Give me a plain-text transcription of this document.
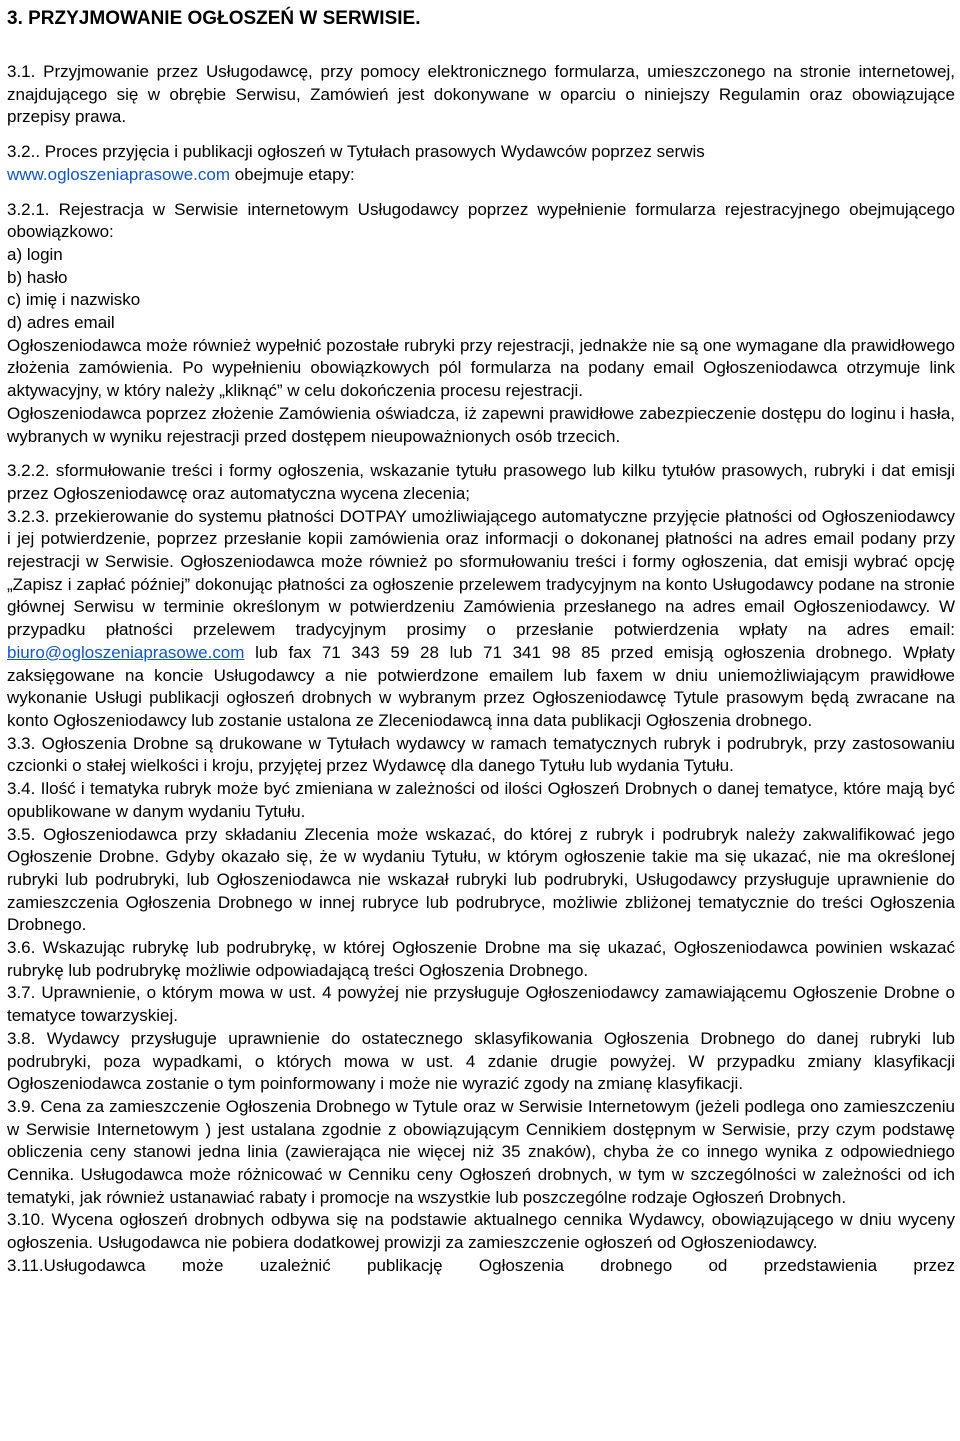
3. PRZYJMOWANIE OGŁOSZEŃ W SERWISIE.

3.1. Przyjmowanie przez Usługodawcę, przy pomocy elektronicznego formularza, umieszczonego na stronie internetowej, znajdującego się w obrębie Serwisu, Zamówień jest dokonywane w oparciu o niniejszy Regulamin oraz obowiązujące przepisy prawa.

3.2.. Proces przyjęcia i publikacji ogłoszeń w Tytułach prasowych Wydawców poprzez serwis
www.ogloszeniaprasowe.com obejmuje etapy:

3.2.1. Rejestracja w Serwisie internetowym Usługodawcy poprzez wypełnienie formularza rejestracyjnego obejmującego obowiązkowo:

a) login

b) hasło

c) imię i nazwisko

d) adres email

Ogłoszeniodawca może również wypełnić pozostałe rubryki przy rejestracji, jednakże nie są one wymagane dla prawidłowego złożenia zamówienia. Po wypełnieniu obowiązkowych pól formularza na podany email Ogłoszeniodawca otrzymuje link aktywacyjny, w który należy „kliknąć” w celu dokończenia procesu rejestracji.

Ogłoszeniodawca poprzez złożenie Zamówienia oświadcza, iż zapewni prawidłowe zabezpieczenie dostępu do loginu i hasła, wybranych w wyniku rejestracji przed dostępem nieupoważnionych osób trzecich.

3.2.2. sformułowanie treści i formy ogłoszenia, wskazanie tytułu prasowego lub kilku tytułów prasowych, rubryki i dat emisji przez Ogłoszeniodawcę oraz automatyczna wycena zlecenia;

3.2.3. przekierowanie do systemu płatności DOTPAY umożliwiającego automatyczne przyjęcie płatności od Ogłoszeniodawcy i jej potwierdzenie, poprzez przesłanie kopii zamówienia oraz informacji o dokonanej płatności na adres email podany przy rejestracji w Serwisie. Ogłoszeniodawca może również po sformułowaniu treści i formy ogłoszenia, dat emisji wybrać opcję „Zapisz i zapłać później” dokonując płatności za ogłoszenie przelewem tradycyjnym na konto Usługodawcy podane na stronie głównej Serwisu w terminie określonym w potwierdzeniu Zamówienia przesłanego na adres email Ogłoszeniodawcy. W przypadku płatności przelewem tradycyjnym prosimy o przesłanie potwierdzenia wpłaty na adres email: biuro@ogloszeniaprasowe.com lub fax 71 343 59 28 lub 71 341 98 85 przed emisją ogłoszenia drobnego. Wpłaty zaksięgowane na koncie Usługodawcy a nie potwierdzone emailem lub faxem w dniu uniemożliwiającym prawidłowe wykonanie Usługi publikacji ogłoszeń drobnych w wybranym przez Ogłoszeniodawcę Tytule prasowym będą zwracane na konto Ogłoszeniodawcy lub zostanie ustalona ze Zleceniodawcą inna data publikacji Ogłoszenia drobnego.

3.3. Ogłoszenia Drobne są drukowane w Tytułach wydawcy w ramach tematycznych rubryk i podrubryk, przy zastosowaniu czcionki o stałej wielkości i kroju, przyjętej przez Wydawcę dla danego Tytułu lub wydania Tytułu.

3.4. Ilość i tematyka rubryk może być zmieniana w zależności od ilości Ogłoszeń Drobnych o danej tematyce, które mają być opublikowane w danym wydaniu Tytułu.

3.5. Ogłoszeniodawca przy składaniu Zlecenia może wskazać, do której z rubryk i podrubryk należy zakwalifikować jego Ogłoszenie Drobne. Gdyby okazało się, że w wydaniu Tytułu, w którym ogłoszenie takie ma się ukazać, nie ma określonej rubryki lub podrubryki, lub Ogłoszeniodawca nie wskazał rubryki lub podrubryki, Usługodawcy przysługuje uprawnienie do zamieszczenia Ogłoszenia Drobnego w innej rubryce lub podrubryce, możliwie zbliżonej tematycznie do treści Ogłoszenia Drobnego.

3.6. Wskazując rubrykę lub podrubrykę, w której Ogłoszenie Drobne ma się ukazać, Ogłoszeniodawca powinien wskazać rubrykę lub podrubrykę możliwie odpowiadającą treści Ogłoszenia Drobnego.

3.7. Uprawnienie, o którym mowa w ust. 4 powyżej nie przysługuje Ogłoszeniodawcy zamawiającemu Ogłoszenie Drobne o tematyce towarzyskiej.

3.8. Wydawcy przysługuje uprawnienie do ostatecznego sklasyfikowania Ogłoszenia Drobnego do danej rubryki lub podrubryki, poza wypadkami, o których mowa w ust. 4 zdanie drugie powyżej. W przypadku zmiany klasyfikacji Ogłoszeniodawca zostanie o tym poinformowany i może nie wyrazić zgody na zmianę klasyfikacji.

3.9. Cena za zamieszczenie Ogłoszenia Drobnego w Tytule oraz w Serwisie Internetowym (jeżeli podlega ono zamieszczeniu w Serwisie Internetowym ) jest ustalana zgodnie z obowiązującym Cennikiem dostępnym w Serwisie, przy czym podstawę obliczenia ceny stanowi jedna linia (zawierająca nie więcej niż 35 znaków), chyba że co innego wynika z odpowiedniego Cennika. Usługodawca może różnicować w Cenniku ceny Ogłoszeń drobnych, w tym w szczególności w zależności od ich tematyki, jak również ustanawiać rabaty i promocje na wszystkie lub poszczególne rodzaje Ogłoszeń Drobnych.

3.10. Wycena ogłoszeń drobnych odbywa się na podstawie aktualnego cennika Wydawcy, obowiązującego w dniu wyceny ogłoszenia. Usługodawca nie pobiera dodatkowej prowizji za zamieszczenie ogłoszeń od Ogłoszeniodawcy.

3.11.Usługodawca może uzależnić publikację Ogłoszenia drobnego od przedstawienia przez
